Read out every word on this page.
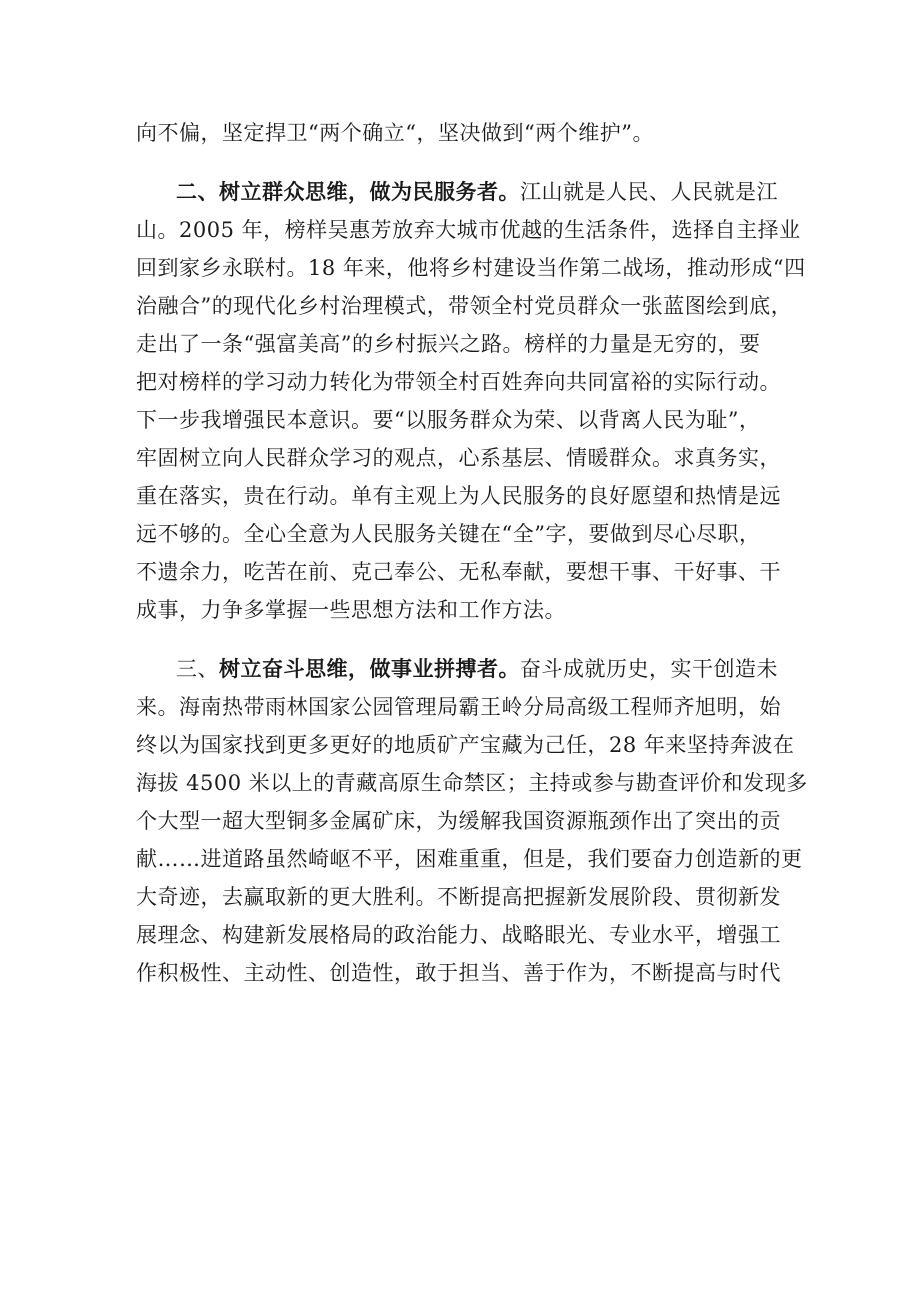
向不偏，坚定捍卫“两个确立“，坚决做到“两个维护”。
二、树立群众思维，做为民服务者。江山就是人民、人民就是江
山。2005 年，榜样吴惠芳放弃大城市优越的生活条件，选择自主择业
回到家乡永联村。18 年来，他将乡村建设当作第二战场，推动形成“四
治融合”的现代化乡村治理模式，带领全村党员群众一张蓝图绘到底，
走出了一条“强富美高”的乡村振兴之路。榜样的力量是无穷的，要
把对榜样的学习动力转化为带领全村百姓奔向共同富裕的实际行动。
下一步我增强民本意识。要“以服务群众为荣、以背离人民为耻”，
牢固树立向人民群众学习的观点，心系基层、情暖群众。求真务实，
重在落实，贵在行动。单有主观上为人民服务的良好愿望和热情是远
远不够的。全心全意为人民服务关键在“全”字，要做到尽心尽职，
不遗余力，吃苦在前、克己奉公、无私奉献，要想干事、干好事、干
成事，力争多掌握一些思想方法和工作方法。
三、树立奋斗思维，做事业拼搏者。奋斗成就历史，实干创造未
来。海南热带雨林国家公园管理局霸王岭分局高级工程师齐旭明，始
终以为国家找到更多更好的地质矿产宝藏为己任，28 年来坚持奔波在
海拔 4500 米以上的青藏高原生命禁区；主持或参与勘查评价和发现多
个大型一超大型铜多金属矿床，为缓解我国资源瓶颈作出了突出的贡
献……进道路虽然崎岖不平，困难重重，但是，我们要奋力创造新的更
大奇迹，去赢取新的更大胜利。不断提高把握新发展阶段、贯彻新发
展理念、构建新发展格局的政治能力、战略眼光、专业水平，增强工
作积极性、主动性、创造性，敢于担当、善于作为，不断提高与时代
